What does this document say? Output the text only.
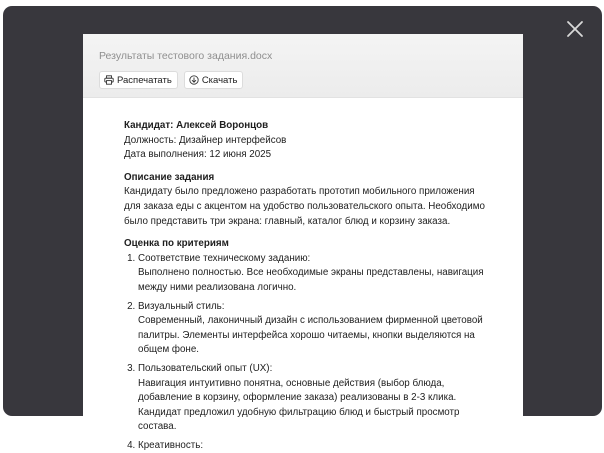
Результаты тестового задания.docx
Распечатать	Скачать

Кандидат: Алексей Воронцов

Должность: Дизайнер интерфейсов

Дата выполнения: 12 июня 2025

Описание задания

Кандидату было предложено разработать прототип мобильного приложения для заказа еды с акцентом на удобство пользовательского опыта. Необходимо было представить три экрана: главный, каталог блюд и корзину заказа.

Оценка по критериям

1. Соответствие техническому заданию:

Выполнено полностью. Все необходимые экраны представлены, навигация между ними реализована логично.

2. Визуальный стиль:

Современный, лаконичный дизайн с использованием фирменной цветовой палитры. Элементы интерфейса хорошо читаемы, кнопки выделяются на общем фоне.

3. Пользовательский опыт (UX):

Навигация интуитивно понятна, основные действия (выбор блюда, добавление в корзину, оформление заказа) реализованы в 2-3 клика. Кандидат предложил удобную фильтрацию блюд и быстрый просмотр состава.

4. Креативность:
